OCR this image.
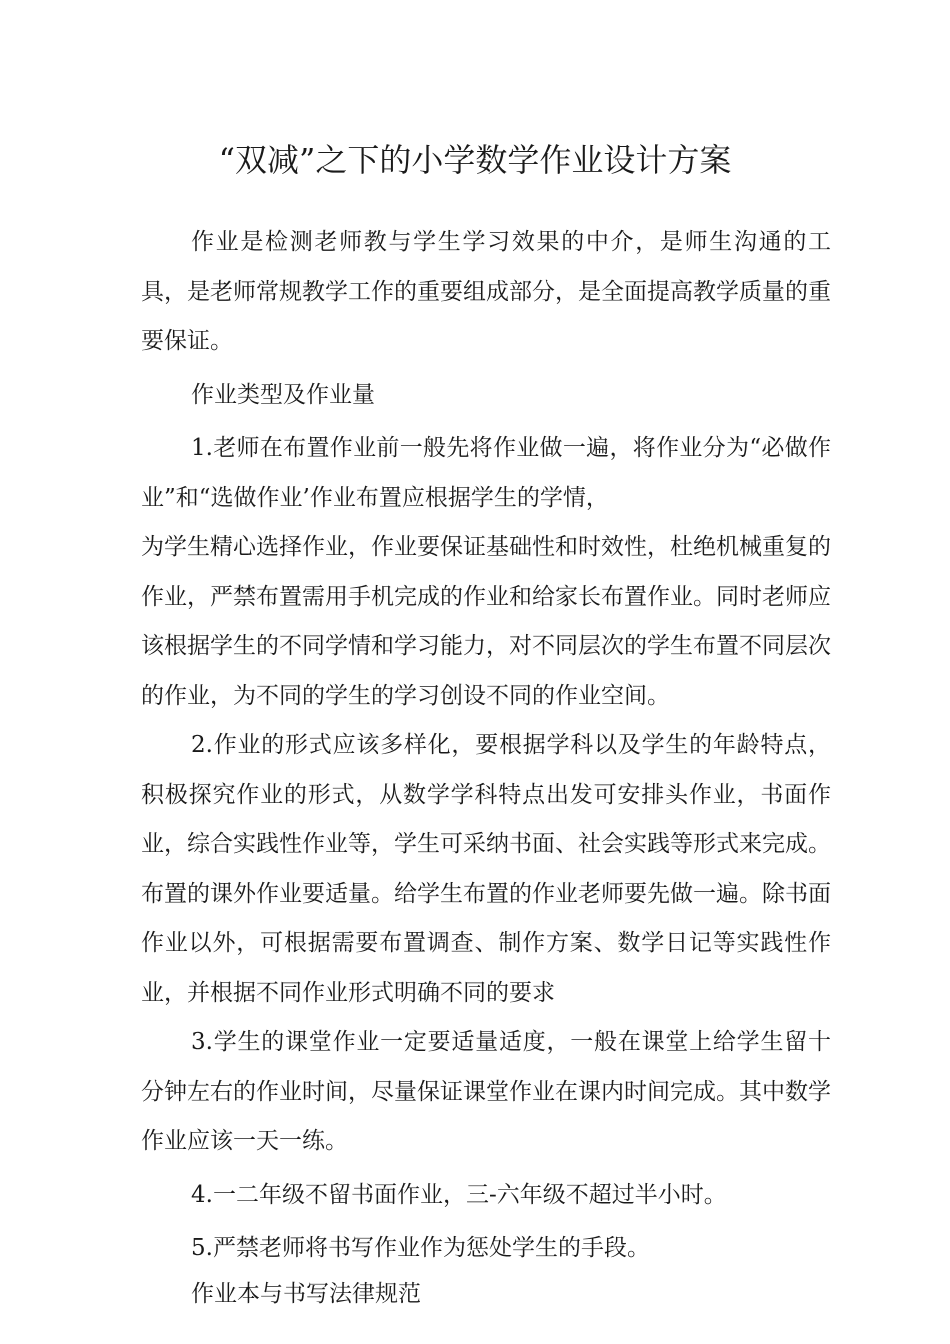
“双减”之下的小学数学作业设计方案

作业是检测老师教与学生学习效果的中介，是师生沟通的工具，是老师常规教学工作的重要组成部分，是全面提高教学质量的重要保证。

作业类型及作业量

1.老师在布置作业前一般先将作业做一遍，将作业分为“必做作业”和“选做作业’作业布置应根据学生的学情，

为学生精心选择作业，作业要保证基础性和时效性，杜绝机械重复的作业，严禁布置需用手机完成的作业和给家长布置作业。同时老师应该根据学生的不同学情和学习能力，对不同层次的学生布置不同层次的作业，为不同的学生的学习创设不同的作业空间。

2.作业的形式应该多样化，要根据学科以及学生的年龄特点，积极探究作业的形式，从数学学科特点出发可安排头作业，书面作业，综合实践性作业等，学生可采纳书面、社会实践等形式来完成。布置的课外作业要适量。给学生布置的作业老师要先做一遍。除书面作业以外，可根据需要布置调查、制作方案、数学日记等实践性作业，并根据不同作业形式明确不同的要求

3.学生的课堂作业一定要适量适度，一般在课堂上给学生留十分钟左右的作业时间，尽量保证课堂作业在课内时间完成。其中数学作业应该一天一练。

4.一二年级不留书面作业，三-六年级不超过半小时。

5.严禁老师将书写作业作为惩处学生的手段。

作业本与书写法律规范
